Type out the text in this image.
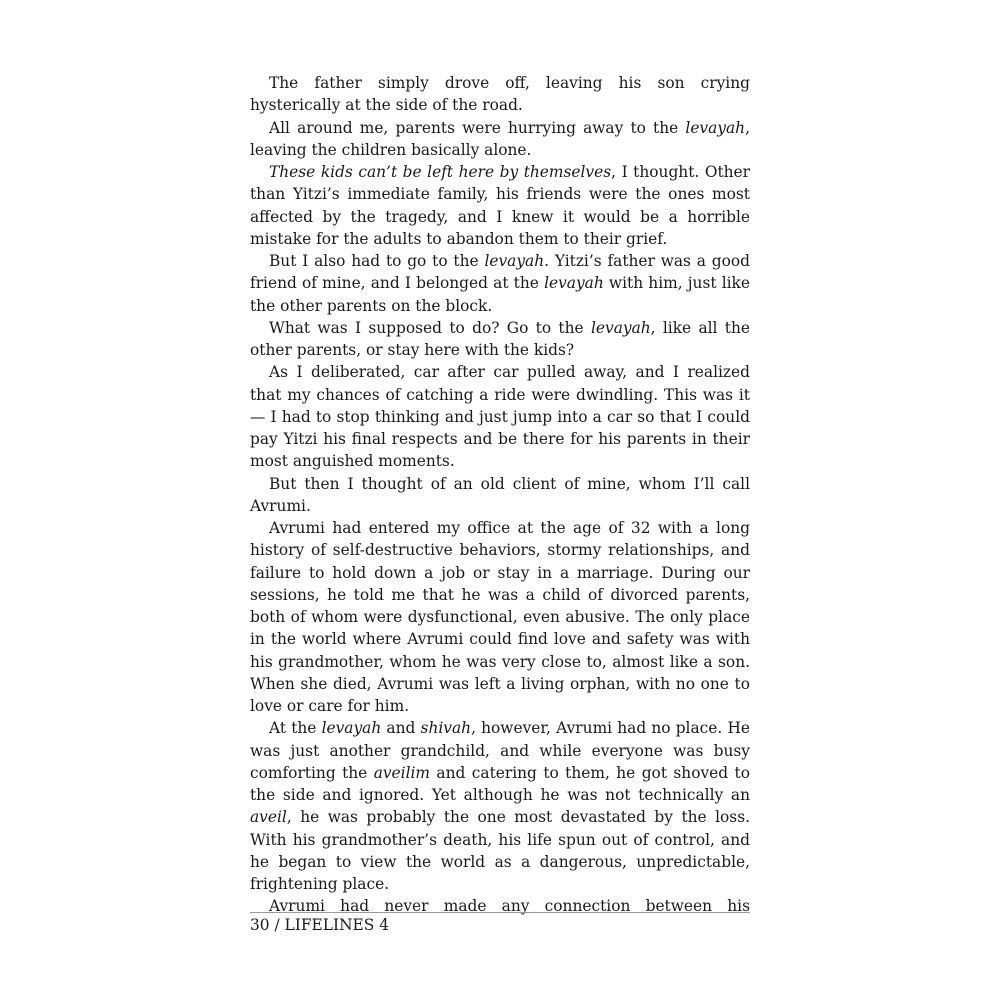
The father simply drove off, leaving his son crying hysterically at the side of the road.

All around me, parents were hurrying away to the levayah, leaving the children basically alone.

These kids can’t be left here by themselves, I thought. Other than Yitzi’s immediate family, his friends were the ones most affected by the tragedy, and I knew it would be a horrible mistake for the adults to abandon them to their grief.

But I also had to go to the levayah. Yitzi’s father was a good friend of mine, and I belonged at the levayah with him, just like the other parents on the block.

What was I supposed to do? Go to the levayah, like all the other parents, or stay here with the kids?

As I deliberated, car after car pulled away, and I realized that my chances of catching a ride were dwindling. This was it — I had to stop thinking and just jump into a car so that I could pay Yitzi his final respects and be there for his parents in their most anguished moments.

But then I thought of an old client of mine, whom I’ll call Avrumi.

Avrumi had entered my office at the age of 32 with a long history of self-destructive behaviors, stormy relationships, and failure to hold down a job or stay in a marriage. During our sessions, he told me that he was a child of divorced parents, both of whom were dysfunctional, even abusive. The only place in the world where Avrumi could find love and safety was with his grandmother, whom he was very close to, almost like a son. When she died, Avrumi was left a living orphan, with no one to love or care for him.

At the levayah and shivah, however, Avrumi had no place. He was just another grandchild, and while everyone was busy comforting the aveilim and catering to them, he got shoved to the side and ignored. Yet although he was not technically an aveil, he was probably the one most devastated by the loss. With his grandmother’s death, his life spun out of control, and he began to view the world as a dangerous, unpredictable, frightening place.

Avrumi had never made any connection between his

30 / LIFELINES 4
